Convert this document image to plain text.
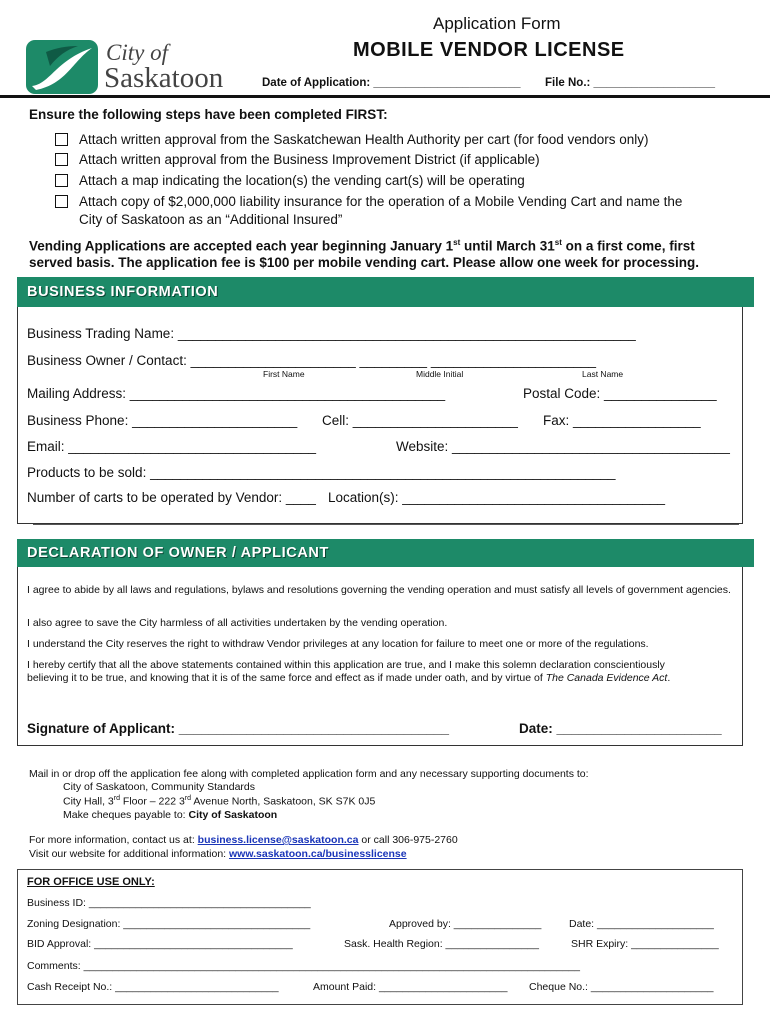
City of
Saskatoon
Application Form
MOBILE VENDOR LICENSE
Date of Application: _______________________ File No.: ___________________
Ensure the following steps have been completed FIRST:
Attach written approval from the Saskatchewan Health Authority per cart (for food vendors only)
Attach written approval from the Business Improvement District (if applicable)
Attach a map indicating the location(s) the vending cart(s) will be operating
Attach copy of $2,000,000 liability insurance for the operation of a Mobile Vending Cart and name the
City of Saskatoon as an “Additional Insured”
Vending Applications are accepted each year beginning January 1st until March 31st on a first come, first
served basis. The application fee is $100 per mobile vending cart. Please allow one week for processing.
BUSINESS INFORMATION
Business Trading Name: _____________________________________________________________
Business Owner / Contact: ______________________ _________ ______________________
First Name	Middle Initial	Last Name
Mailing Address: __________________________________________	Postal Code: _______________
Business Phone: ______________________ Cell: ______________________ Fax: _________________
Email: _________________________________	Website: _____________________________________
Products to be sold: ______________________________________________________________
Number of carts to be operated by Vendor: ____ Location(s): ___________________________________
DECLARATION OF OWNER / APPLICANT
I agree to abide by all laws and regulations, bylaws and resolutions governing the vending operation and must satisfy all levels of government agencies.
I also agree to save the City harmless of all activities undertaken by the vending operation.
I understand the City reserves the right to withdraw Vendor privileges at any location for failure to meet one or more of the regulations.
I hereby certify that all the above statements contained within this application are true, and I make this solemn declaration conscientiously
believing it to be true, and knowing that it is of the same force and effect as if made under oath, and by virtue of The Canada Evidence Act.
Signature of Applicant: ____________________________________	Date: ______________________
Mail in or drop off the application fee along with completed application form and any necessary supporting documents to:
City of Saskatoon, Community Standards
City Hall, 3rd Floor – 222 3rd Avenue North, Saskatoon, SK S7K 0J5
Make cheques payable to: City of Saskatoon
For more information, contact us at: business.license@saskatoon.ca or call 306-975-2760
Visit our website for additional information: www.saskatoon.ca/businesslicense
FOR OFFICE USE ONLY:
Business ID: ______________________________________
Zoning Designation: ________________________________	Approved by: _______________	Date: ____________________
BID Approval: __________________________________	Sask. Health Region: ________________	SHR Expiry: _______________
Comments: _____________________________________________________________________________________
Cash Receipt No.: ____________________________	Amount Paid: ______________________ Cheque No.: _____________________
